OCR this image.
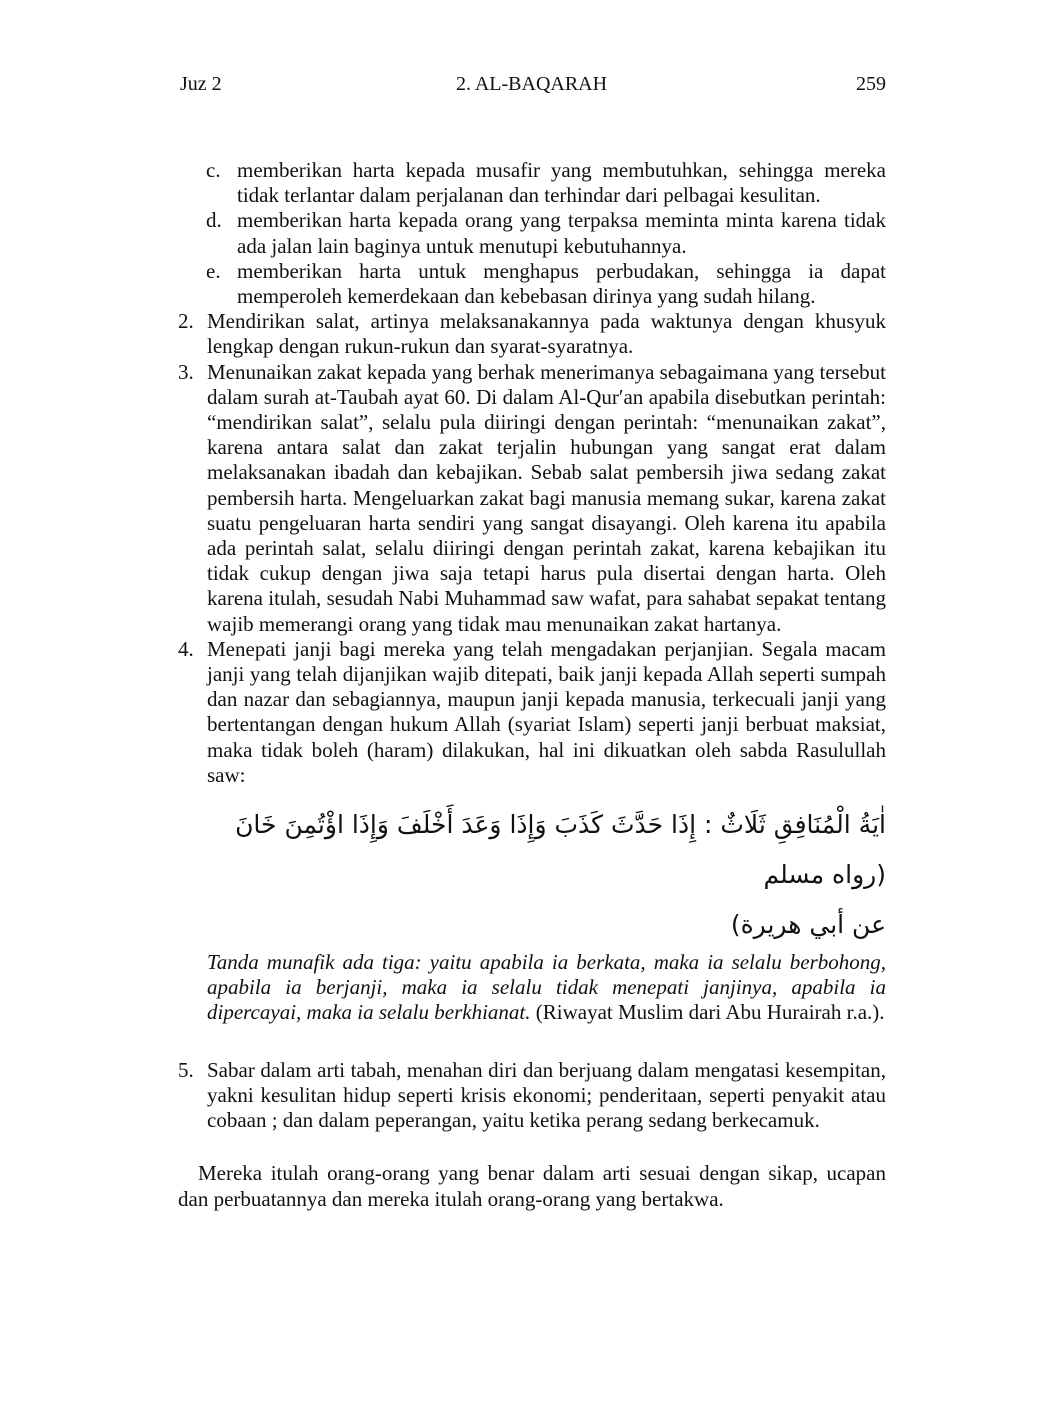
Juz 2	2. AL-BAQARAH	259

c. memberikan harta kepada musafir yang membutuhkan, sehingga mereka tidak terlantar dalam perjalanan dan terhindar dari pelbagai kesulitan.

d. memberikan harta kepada orang yang terpaksa meminta minta karena tidak ada jalan lain baginya untuk menutupi kebutuhannya.

e. memberikan harta untuk menghapus perbudakan, sehingga ia dapat memperoleh kemerdekaan dan kebebasan dirinya yang sudah hilang.

2. Mendirikan salat, artinya melaksanakannya pada waktunya dengan khusyuk lengkap dengan rukun-rukun dan syarat-syaratnya.

3. Menunaikan zakat kepada yang berhak menerimanya sebagaimana yang tersebut dalam surah at-Taubah ayat 60. Di dalam Al-Qur′an apabila disebutkan perintah: “mendirikan salat”, selalu pula diiringi dengan perintah: “menunaikan zakat”, karena antara salat dan zakat terjalin hubungan yang sangat erat dalam melaksanakan ibadah dan kebajikan. Sebab salat pembersih jiwa sedang zakat pembersih harta. Mengeluarkan zakat bagi manusia memang sukar, karena zakat suatu pengeluaran harta sendiri yang sangat disayangi. Oleh karena itu apabila ada perintah salat, selalu diiringi dengan perintah zakat, karena kebajikan itu tidak cukup dengan jiwa saja tetapi harus pula disertai dengan harta. Oleh karena itulah, sesudah Nabi Muhammad saw wafat, para sahabat sepakat tentang wajib memerangi orang yang tidak mau menunaikan zakat hartanya.

4. Menepati janji bagi mereka yang telah mengadakan perjanjian. Segala macam janji yang telah dijanjikan wajib ditepati, baik janji kepada Allah seperti sumpah dan nazar dan sebagiannya, maupun janji kepada manusia, terkecuali janji yang bertentangan dengan hukum Allah (syariat Islam) seperti janji berbuat maksiat, maka tidak boleh (haram) dilakukan, hal ini dikuatkan oleh sabda Rasulullah saw:

اٰيَةُ الْمُنَافِقِ ثَلَاثٌ : إِذَا حَدَّثَ كَذَبَ وَإِذَا وَعَدَ أَخْلَفَ وَإِذَا اؤْتُمِنَ خَانَ (رواه مسلم
عن أبي هريرة)

Tanda munafik ada tiga: yaitu apabila ia berkata, maka ia selalu berbohong, apabila ia berjanji, maka ia selalu tidak menepati janjinya, apabila ia dipercayai, maka ia selalu berkhianat. (Riwayat Muslim dari Abu Hurairah r.a.).

5. Sabar dalam arti tabah, menahan diri dan berjuang dalam mengatasi kesempitan, yakni kesulitan hidup seperti krisis ekonomi; penderitaan, seperti penyakit atau cobaan ; dan dalam peperangan, yaitu ketika perang sedang berkecamuk.

Mereka itulah orang-orang yang benar dalam arti sesuai dengan sikap, ucapan dan perbuatannya dan mereka itulah orang-orang yang bertakwa.
